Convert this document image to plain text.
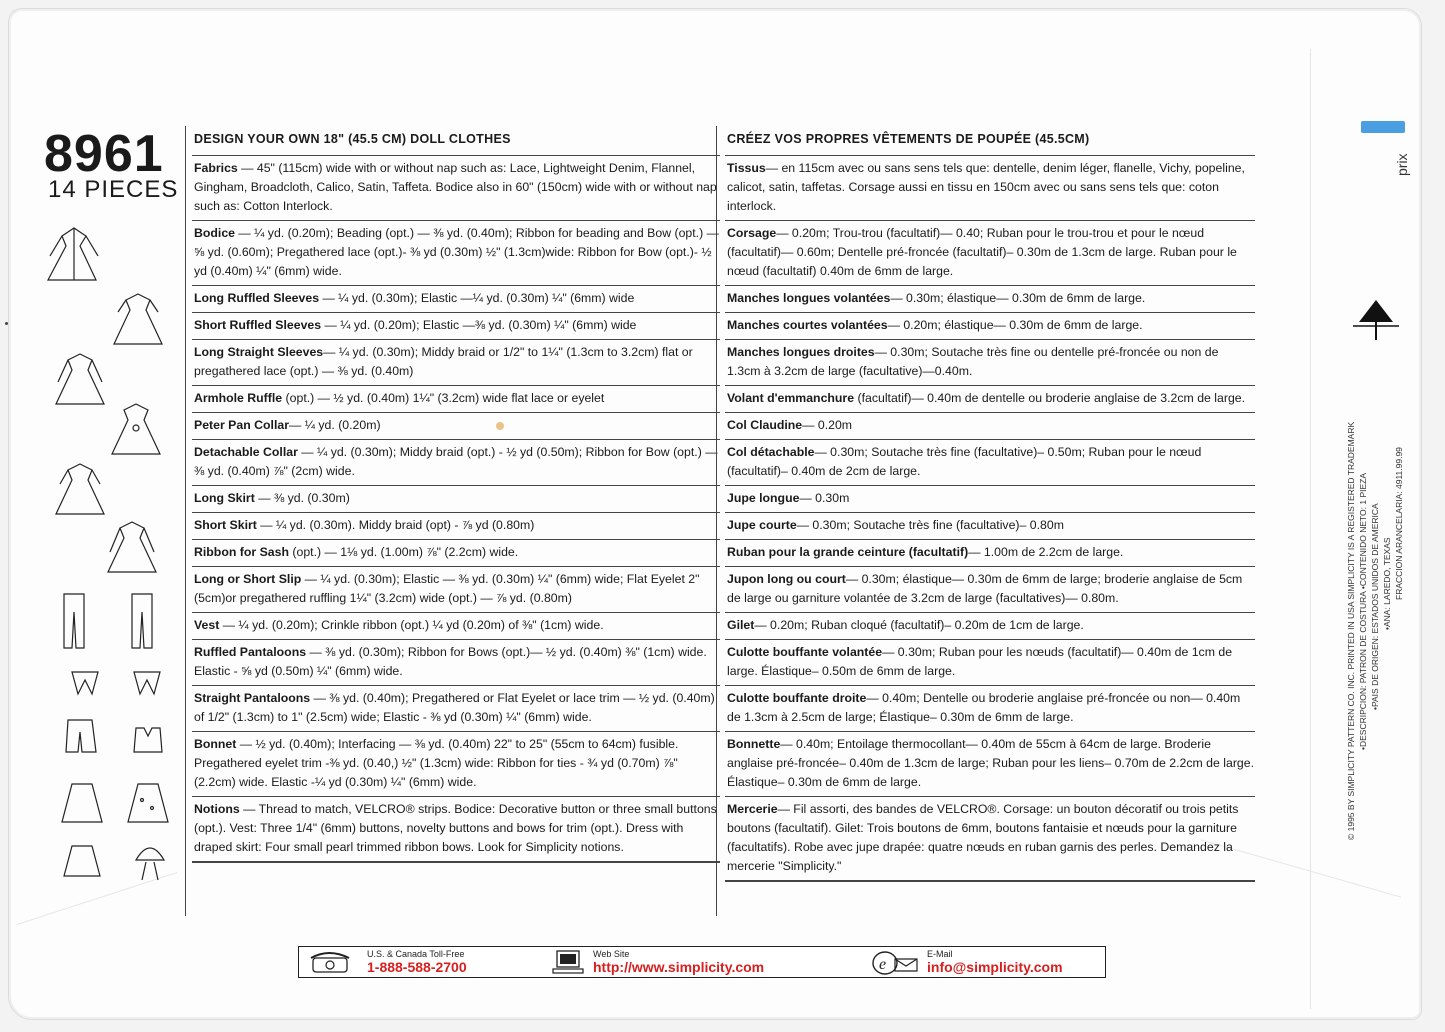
prix
© 1995 BY SIMPLICITY PATTERN CO. INC. PRINTED IN USA SIMPLICITY IS A REGISTERED TRADEMARK •DESCRIPCION: PATRON DE COSTURA •CONTENIDO NETO: 1 PIEZA •PAIS DE ORIGEN: ESTADOS UNIDOS DE AMERICA •ANA: LAREDO, TEXAS FRACCION ARANCELARIA: 4911.99.99
8961
14 PIECES
DESIGN YOUR OWN 18" (45.5 CM) DOLL CLOTHES
Fabrics — 45" (115cm) wide with or without nap such as: Lace, Lightweight Denim, Flannel, Gingham, Broadcloth, Calico, Satin, Taffeta. Bodice also in 60" (150cm) wide with or without nap such as: Cotton Interlock.
Bodice — ¼ yd. (0.20m); Beading (opt.) — ⅜ yd. (0.40m); Ribbon for beading and Bow (opt.) — ⅝ yd. (0.60m); Pregathered lace (opt.)- ⅜ yd (0.30m) ½" (1.3cm)wide: Ribbon for Bow (opt.)- ½ yd (0.40m) ¼" (6mm) wide.
Long Ruffled Sleeves — ¼ yd. (0.30m); Elastic —¼ yd. (0.30m) ¼" (6mm) wide
Short Ruffled Sleeves — ¼ yd. (0.20m); Elastic —⅜ yd. (0.30m) ¼" (6mm) wide
Long Straight Sleeves— ¼ yd. (0.30m); Middy braid or 1/2" to 1¼" (1.3cm to 3.2cm) flat or pregathered lace (opt.) — ⅜ yd. (0.40m)
Armhole Ruffle (opt.) — ½ yd. (0.40m) 1¼" (3.2cm) wide flat lace or eyelet
Peter Pan Collar— ¼ yd. (0.20m)
Detachable Collar — ¼ yd. (0.30m); Middy braid (opt.) - ½ yd (0.50m); Ribbon for Bow (opt.) — ⅜ yd. (0.40m) ⅞" (2cm) wide.
Long Skirt — ⅜ yd. (0.30m)
Short Skirt — ¼ yd. (0.30m). Middy braid (opt) - ⅞ yd (0.80m)
Ribbon for Sash (opt.) — 1⅛ yd. (1.00m) ⅞" (2.2cm) wide.
Long or Short Slip — ¼ yd. (0.30m); Elastic — ⅜ yd. (0.30m) ¼" (6mm) wide; Flat Eyelet 2" (5cm)or pregathered ruffling 1¼" (3.2cm) wide (opt.) — ⅞ yd. (0.80m)
Vest — ¼ yd. (0.20m); Crinkle ribbon (opt.) ¼ yd (0.20m) of ⅜" (1cm) wide.
Ruffled Pantaloons — ⅜ yd. (0.30m); Ribbon for Bows (opt.)— ½ yd. (0.40m) ⅜" (1cm) wide. Elastic - ⅝ yd (0.50m) ¼" (6mm) wide.
Straight Pantaloons — ⅜ yd. (0.40m); Pregathered or Flat Eyelet or lace trim — ½ yd. (0.40m) of 1/2" (1.3cm) to 1" (2.5cm) wide; Elastic - ⅜ yd (0.30m) ¼" (6mm) wide.
Bonnet — ½ yd. (0.40m); Interfacing — ⅜ yd. (0.40m) 22" to 25" (55cm to 64cm) fusible. Pregathered eyelet trim -⅜ yd. (0.40,) ½" (1.3cm) wide: Ribbon for ties - ¾ yd (0.70m) ⅞" (2.2cm) wide. Elastic -¼ yd (0.30m) ¼" (6mm) wide.
Notions — Thread to match, VELCRO® strips. Bodice: Decorative button or three small buttons (opt.). Vest: Three 1/4" (6mm) buttons, novelty buttons and bows for trim (opt.). Dress with draped skirt: Four small pearl trimmed ribbon bows. Look for Simplicity notions.
CRÉEZ VOS PROPRES VÊTEMENTS DE POUPÉE (45.5CM)
Tissus— en 115cm avec ou sans sens tels que: dentelle, denim léger, flanelle, Vichy, popeline, calicot, satin, taffetas. Corsage aussi en tissu en 150cm avec ou sans sens tels que: coton interlock.
Corsage— 0.20m; Trou-trou (facultatif)— 0.40; Ruban pour le trou-trou et pour le nœud (facultatif)— 0.60m; Dentelle pré-froncée (facultatif)– 0.30m de 1.3cm de large. Ruban pour le nœud (facultatif) 0.40m de 6mm de large.
Manches longues volantées— 0.30m; élastique— 0.30m de 6mm de large.
Manches courtes volantées— 0.20m; élastique— 0.30m de 6mm de large.
Manches longues droites— 0.30m; Soutache très fine ou dentelle pré-froncée ou non de 1.3cm à 3.2cm de large (facultative)—0.40m.
Volant d'emmanchure (facultatif)— 0.40m de dentelle ou broderie anglaise de 3.2cm de large.
Col Claudine— 0.20m
Col détachable— 0.30m; Soutache très fine (facultative)– 0.50m; Ruban pour le nœud (facultatif)– 0.40m de 2cm de large.
Jupe longue— 0.30m
Jupe courte— 0.30m; Soutache très fine (facultative)– 0.80m
Ruban pour la grande ceinture (facultatif)— 1.00m de 2.2cm de large.
Jupon long ou court— 0.30m; élastique— 0.30m de 6mm de large; broderie anglaise de 5cm de large ou garniture volantée de 3.2cm de large (facultatives)— 0.80m.
Gilet— 0.20m; Ruban cloqué (facultatif)– 0.20m de 1cm de large.
Culotte bouffante volantée— 0.30m; Ruban pour les nœuds (facultatif)— 0.40m de 1cm de large. Élastique– 0.50m de 6mm de large.
Culotte bouffante droite— 0.40m; Dentelle ou broderie anglaise pré-froncée ou non— 0.40m de 1.3cm à 2.5cm de large; Élastique– 0.30m de 6mm de large.
Bonnette— 0.40m; Entoilage thermocollant— 0.40m de 55cm à 64cm de large. Broderie anglaise pré-froncée– 0.40m de 1.3cm de large; Ruban pour les liens– 0.70m de 2.2cm de large. Élastique– 0.30m de 6mm de large.
Mercerie— Fil assorti, des bandes de VELCRO®. Corsage: un bouton décoratif ou trois petits boutons (facultatif). Gilet: Trois boutons de 6mm, boutons fantaisie et nœuds pour la garniture (facultatifs). Robe avec jupe drapée: quatre nœuds en ruban garnis des perles. Demandez la mercerie "Simplicity."
U.S. & Canada Toll-Free
1-888-588-2700
Web Site
http://www.simplicity.com	e
E-Mail
info@simplicity.com
